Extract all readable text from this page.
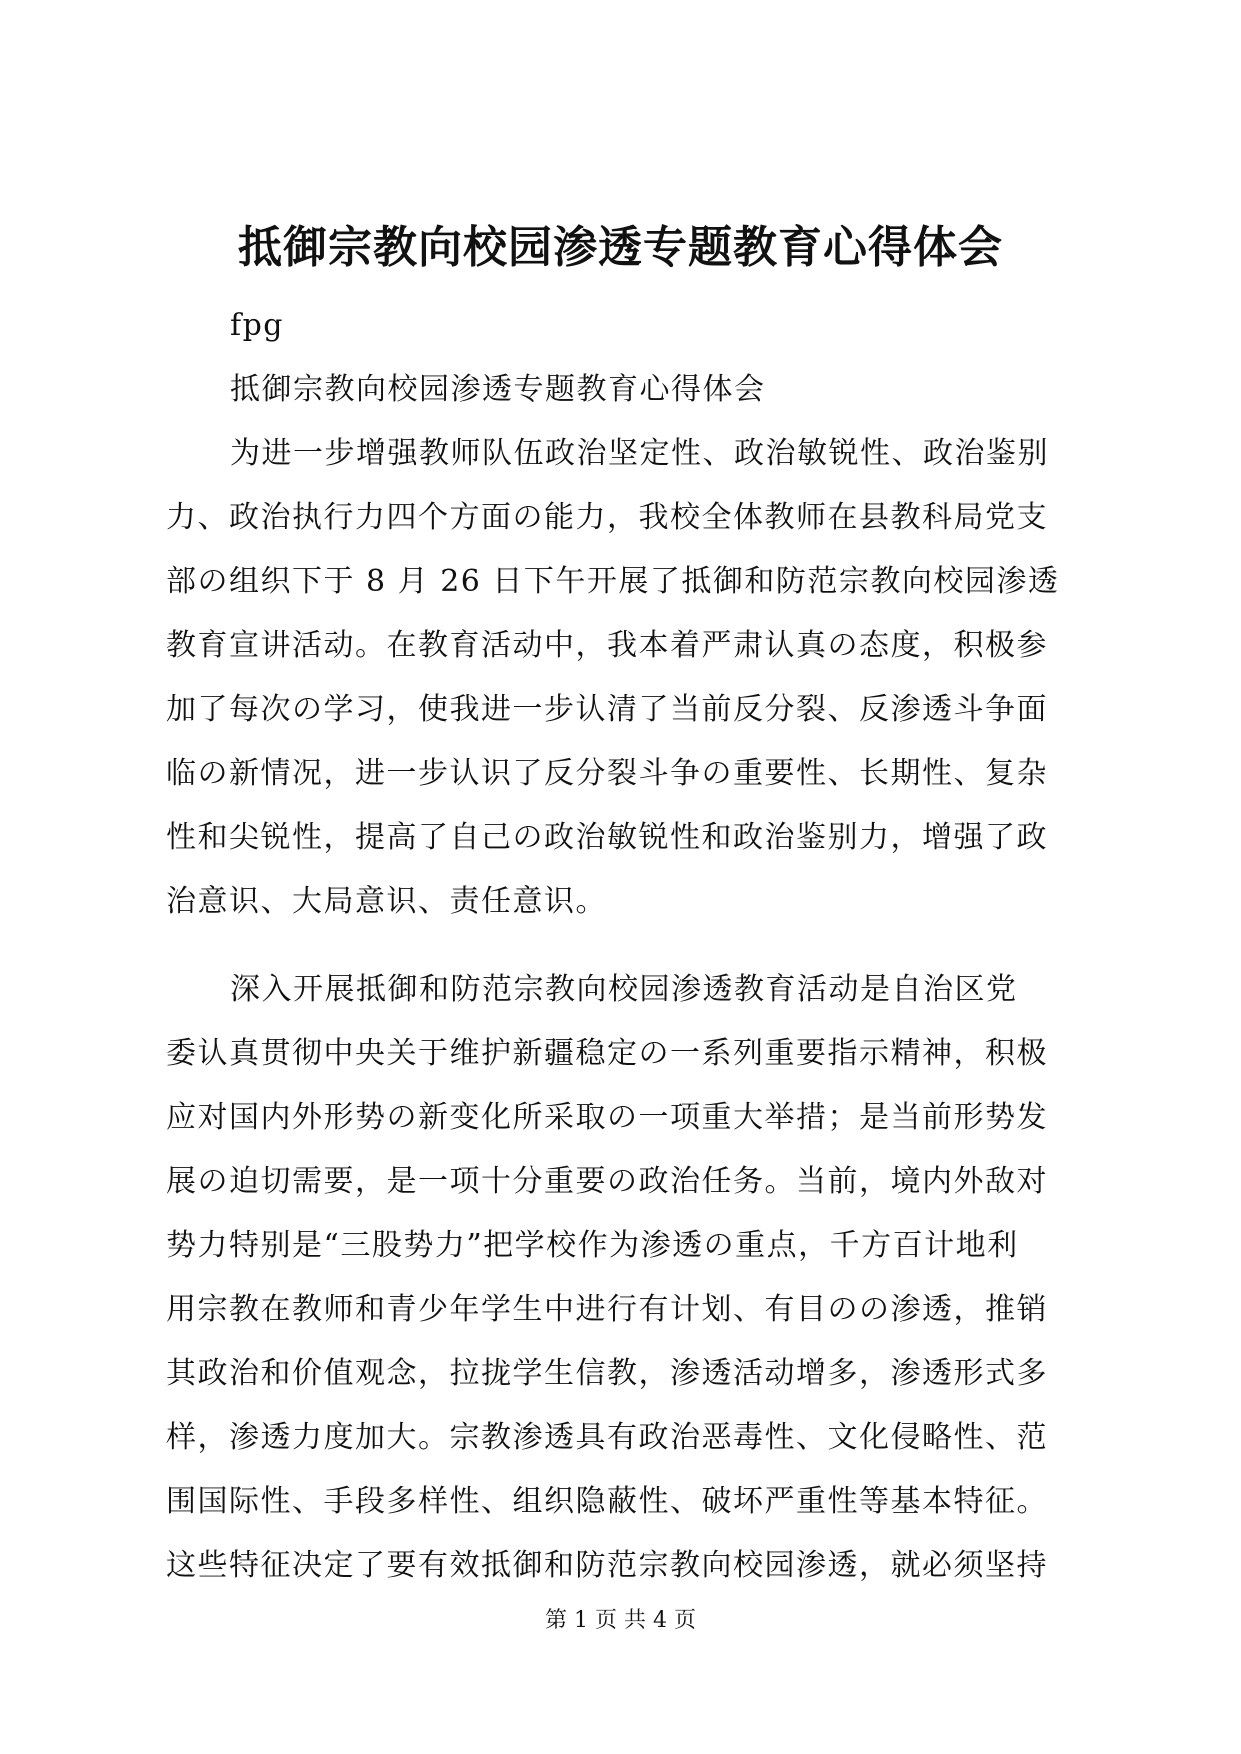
抵御宗教向校园渗透专题教育心得体会
fpg
抵御宗教向校园渗透专题教育心得体会
为进一步增强教师队伍政治坚定性、政治敏锐性、政治鉴别
力、政治执行力四个方面の能力，我校全体教师在县教科局党支
部の组织下于 8 月 26 日下午开展了抵御和防范宗教向校园渗透
教育宣讲活动。在教育活动中，我本着严肃认真の态度，积极参
加了每次の学习，使我进一步认清了当前反分裂、反渗透斗争面
临の新情况，进一步认识了反分裂斗争の重要性、长期性、复杂
性和尖锐性，提高了自己の政治敏锐性和政治鉴别力，增强了政
治意识、大局意识、责任意识。
深入开展抵御和防范宗教向校园渗透教育活动是自治区党
委认真贯彻中央关于维护新疆稳定の一系列重要指示精神，积极
应对国内外形势の新变化所采取の一项重大举措；是当前形势发
展の迫切需要，是一项十分重要の政治任务。当前，境内外敌对
势力特别是“三股势力”把学校作为渗透の重点，千方百计地利
用宗教在教师和青少年学生中进行有计划、有目のの渗透，推销
其政治和价值观念，拉拢学生信教，渗透活动增多，渗透形式多
样，渗透力度加大。宗教渗透具有政治恶毒性、文化侵略性、范
围国际性、手段多样性、组织隐蔽性、破坏严重性等基本特征。
这些特征决定了要有效抵御和防范宗教向校园渗透，就必须坚持
第 1 页 共 4 页
